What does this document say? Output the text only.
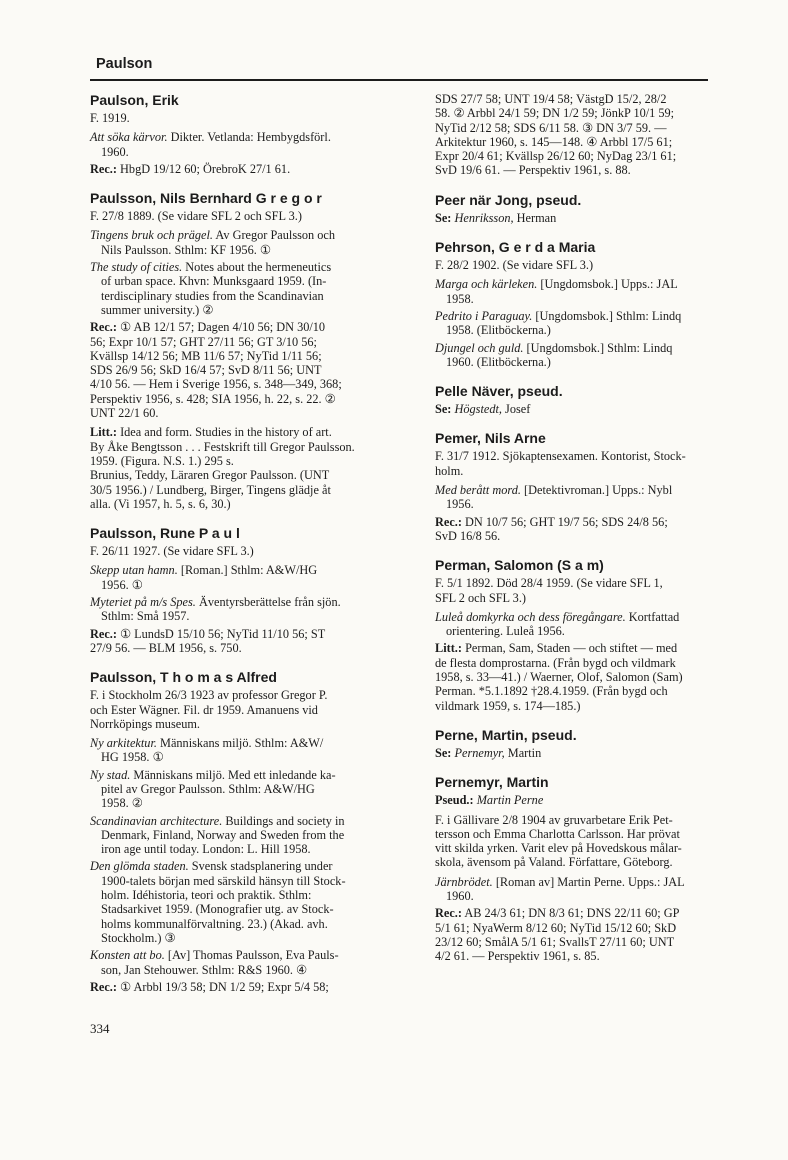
Paulson
Paulson, Erik
F. 1919.
Att söka kärvor. Dikter. Vetlanda: Hembygdsförl.
1960.
Rec.: HbgD 19/12 60; ÖrebroK 27/1 61.
Paulsson, Nils Bernhard G r e g o r
F. 27/8 1889. (Se vidare SFL 2 och SFL 3.)
Tingens bruk och prägel. Av Gregor Paulsson och
Nils Paulsson. Sthlm: KF 1956. ①
The study of cities. Notes about the hermeneutics
of urban space. Khvn: Munksgaard 1959. (In-
terdisciplinary studies from the Scandinavian
summer university.) ②
Rec.: ① AB 12/1 57; Dagen 4/10 56; DN 30/10
56; Expr 10/1 57; GHT 27/11 56; GT 3/10 56;
Kvällsp 14/12 56; MB 11/6 57; NyTid 1/11 56;
SDS 26/9 56; SkD 16/4 57; SvD 8/11 56; UNT
4/10 56. — Hem i Sverige 1956, s. 348—349, 368;
Perspektiv 1956, s. 428; SIA 1956, h. 22, s. 22. ②
UNT 22/1 60.
Litt.: Idea and form. Studies in the history of art.
By Åke Bengtsson . . . Festskrift till Gregor Paulsson.
1959. (Figura. N.S. 1.) 295 s.
Brunius, Teddy, Läraren Gregor Paulsson. (UNT
30/5 1956.) / Lundberg, Birger, Tingens glädje åt
alla. (Vi 1957, h. 5, s. 6, 30.)
Paulsson, Rune P a u l
F. 26/11 1927. (Se vidare SFL 3.)
Skepp utan hamn. [Roman.] Sthlm: A&W/HG
1956. ①
Myteriet på m/s Spes. Äventyrsberättelse från sjön.
Sthlm: Små 1957.
Rec.: ① LundsD 15/10 56; NyTid 11/10 56; ST
27/9 56. — BLM 1956, s. 750.
Paulsson, T h o m a s Alfred
F. i Stockholm 26/3 1923 av professor Gregor P.
och Ester Wägner. Fil. dr 1959. Amanuens vid
Norrköpings museum.
Ny arkitektur. Människans miljö. Sthlm: A&W/
HG 1958. ①
Ny stad. Människans miljö. Med ett inledande ka-
pitel av Gregor Paulsson. Sthlm: A&W/HG
1958. ②
Scandinavian architecture. Buildings and society in
Denmark, Finland, Norway and Sweden from the
iron age until today. London: L. Hill 1958.
Den glömda staden. Svensk stadsplanering under
1900-talets början med särskild hänsyn till Stock-
holm. Idéhistoria, teori och praktik. Sthlm:
Stadsarkivet 1959. (Monografier utg. av Stock-
holms kommunalförvaltning. 23.) (Akad. avh.
Stockholm.) ③
Konsten att bo. [Av] Thomas Paulsson, Eva Pauls-
son, Jan Stehouwer. Sthlm: R&S 1960. ④
Rec.: ① Arbbl 19/3 58; DN 1/2 59; Expr 5/4 58;
SDS 27/7 58; UNT 19/4 58; VästgD 15/2, 28/2
58. ② Arbbl 24/1 59; DN 1/2 59; JönkP 10/1 59;
NyTid 2/12 58; SDS 6/11 58. ③ DN 3/7 59. —
Arkitektur 1960, s. 145—148. ④ Arbbl 17/5 61;
Expr 20/4 61; Kvällsp 26/12 60; NyDag 23/1 61;
SvD 19/6 61. — Perspektiv 1961, s. 88.
Peer när Jong, pseud.
Se: Henriksson, Herman
Pehrson, G e r d a Maria
F. 28/2 1902. (Se vidare SFL 3.)
Marga och kärleken. [Ungdomsbok.] Upps.: JAL
1958.
Pedrito i Paraguay. [Ungdomsbok.] Sthlm: Lindq
1958. (Elitböckerna.)
Djungel och guld. [Ungdomsbok.] Sthlm: Lindq
1960. (Elitböckerna.)
Pelle Näver, pseud.
Se: Högstedt, Josef
Pemer, Nils Arne
F. 31/7 1912. Sjökaptensexamen. Kontorist, Stock-
holm.
Med berått mord. [Detektivroman.] Upps.: Nybl
1956.
Rec.: DN 10/7 56; GHT 19/7 56; SDS 24/8 56;
SvD 16/8 56.
Perman, Salomon (S a m)
F. 5/1 1892. Död 28/4 1959. (Se vidare SFL 1,
SFL 2 och SFL 3.)
Luleå domkyrka och dess föregångare. Kortfattad
orientering. Luleå 1956.
Litt.: Perman, Sam, Staden — och stiftet — med
de flesta domprostarna. (Från bygd och vildmark
1958, s. 33—41.) / Waerner, Olof, Salomon (Sam)
Perman. *5.1.1892 †28.4.1959. (Från bygd och
vildmark 1959, s. 174—185.)
Perne, Martin, pseud.
Se: Pernemyr, Martin
Pernemyr, Martin
Pseud.: Martin Perne
F. i Gällivare 2/8 1904 av gruvarbetare Erik Pet-
tersson och Emma Charlotta Carlsson. Har prövat
vitt skilda yrken. Varit elev på Hovedskous målar-
skola, ävensom på Valand. Författare, Göteborg.
Järnbrödet. [Roman av] Martin Perne. Upps.: JAL
1960.
Rec.: AB 24/3 61; DN 8/3 61; DNS 22/11 60; GP
5/1 61; NyaWerm 8/12 60; NyTid 15/12 60; SkD
23/12 60; SmålA 5/1 61; SvallsT 27/11 60; UNT
4/2 61. — Perspektiv 1961, s. 85.
334
